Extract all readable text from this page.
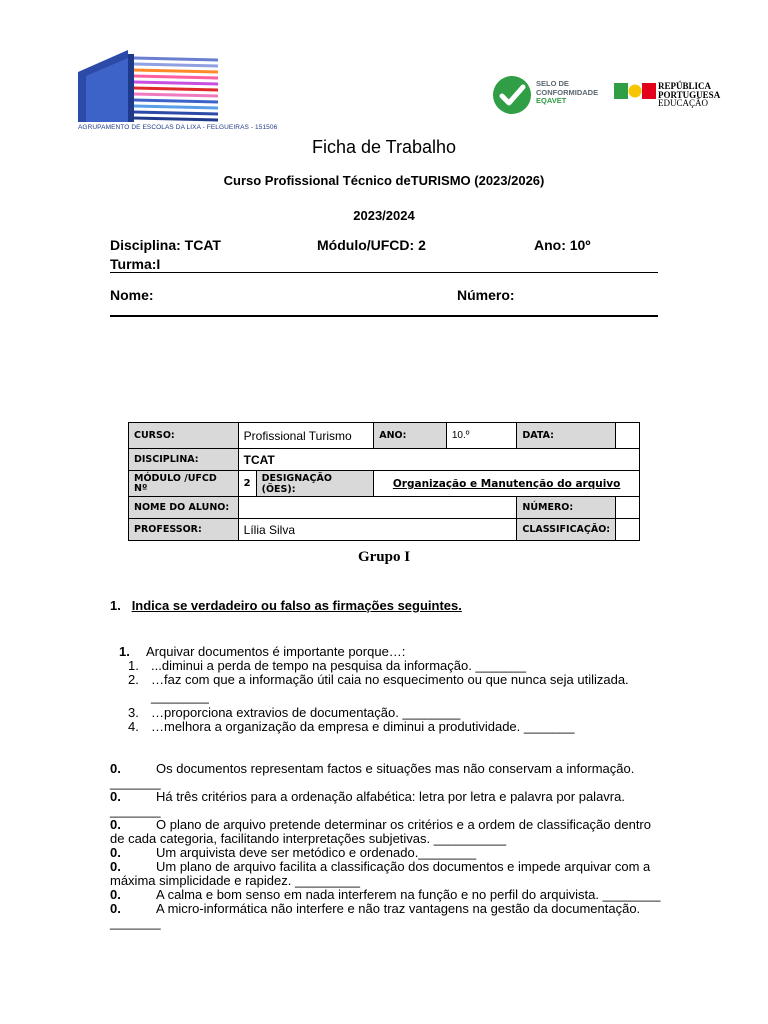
AGRUPAMENTO DE ESCOLAS DA LIXA - FELGUEIRAS - 151506
SELO DE
CONFORMIDADE
EQAVET
REPÚBLICA
PORTUGUESA
EDUCAÇÃO
Ficha de Trabalho
Curso Profissional Técnico deTURISMO (2023/2026)
2023/2024
Disciplina: TCAT	Módulo/UFCD: 2	Ano: 10º
Turma:I
Nome:	Número:
CURSO:	Profissional Turismo		ANO:	10.º	DATA:	
DISCIPLINA:	TCAT					

MÓDULO /UFCD
Nº	2	DESIGNAÇÃO (ÕES):	Organização e Manutenção do arquivo			
NOME DO ALUNO:					NÚMERO:	
PROFESSOR:	Lília Silva				CLASSIFICAÇÃO:	
Grupo I
1. Indica se verdadeiro ou falso as firmações seguintes.
1. Arquivar documentos é importante porque…:
1. ...diminui a perda de tempo na pesquisa da informação. _______
2. …faz com que a informação útil caia no esquecimento ou que nunca seja utilizada.
________
3. …proporciona extravios de documentação. ________
4. …melhora a organização da empresa e diminui a produtividade. _______
0.	Os documentos representam factos e situações mas não conservam a informação.
_______
0.	Há três critérios para a ordenação alfabética: letra por letra e palavra por palavra.
_______
0.	O plano de arquivo pretende determinar os critérios e a ordem de classificação dentro
de cada categoria, facilitando interpretações subjetivas. __________
0.	Um arquivista deve ser metódico e ordenado.________
0.	Um plano de arquivo facilita a classificação dos documentos e impede arquivar com a
máxima simplicidade e rapidez. _________
0.	A calma e bom senso em nada interferem na função e no perfil do arquivista. ________
0.	A micro-informática não interfere e não traz vantagens na gestão da documentação.
_______
